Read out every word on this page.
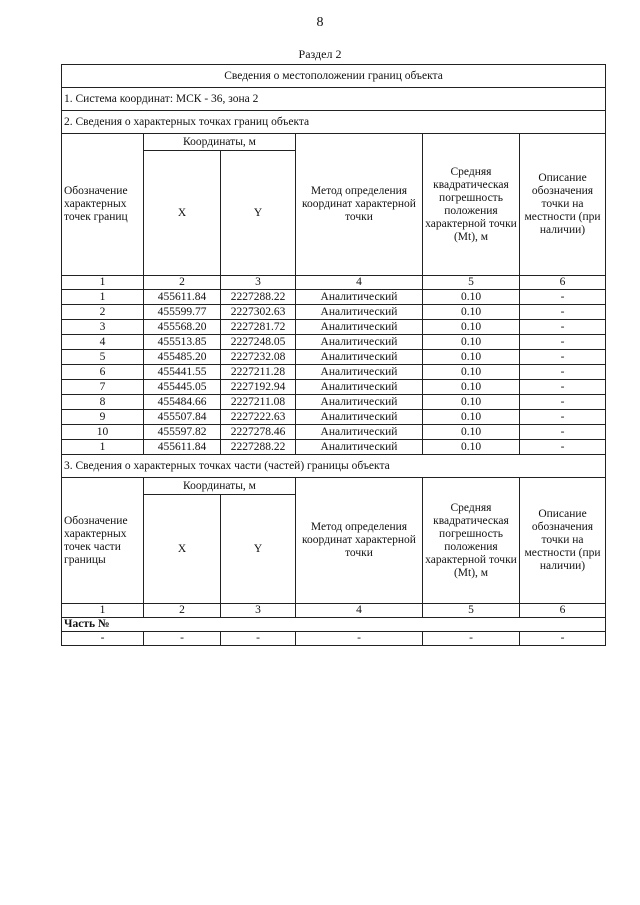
8
Раздел 2
Сведения о местоположении границ объекта					
1. Система координат: МСК - 36, зона 2					
2. Сведения о характерных точках границ объекта					
Обозначение характерных точек границ	Координаты, м		Метод определения координат характерной точки	Средняя квадратическая погрешность положения характерной точки (Mt), м	Описание обозначения точки на местности (при наличии)
	X	Y			
1	2	3	4	5	6
1	455611.84	2227288.22	Аналитический	0.10	-
2	455599.77	2227302.63	Аналитический	0.10	-
3	455568.20	2227281.72	Аналитический	0.10	-
4	455513.85	2227248.05	Аналитический	0.10	-
5	455485.20	2227232.08	Аналитический	0.10	-
6	455441.55	2227211.28	Аналитический	0.10	-
7	455445.05	2227192.94	Аналитический	0.10	-
8	455484.66	2227211.08	Аналитический	0.10	-
9	455507.84	2227222.63	Аналитический	0.10	-
10	455597.82	2227278.46	Аналитический	0.10	-
1	455611.84	2227288.22	Аналитический	0.10	-
3. Сведения о характерных точках части (частей) границы объекта					
Обозначение характерных точек части границы	Координаты, м		Метод определения координат характерной точки	Средняя квадратическая погрешность положения характерной точки (Mt), м	Описание обозначения точки на местности (при наличии)
	X	Y			
1	2	3	4	5	6
Часть №					
-	-	-	-	-	-
